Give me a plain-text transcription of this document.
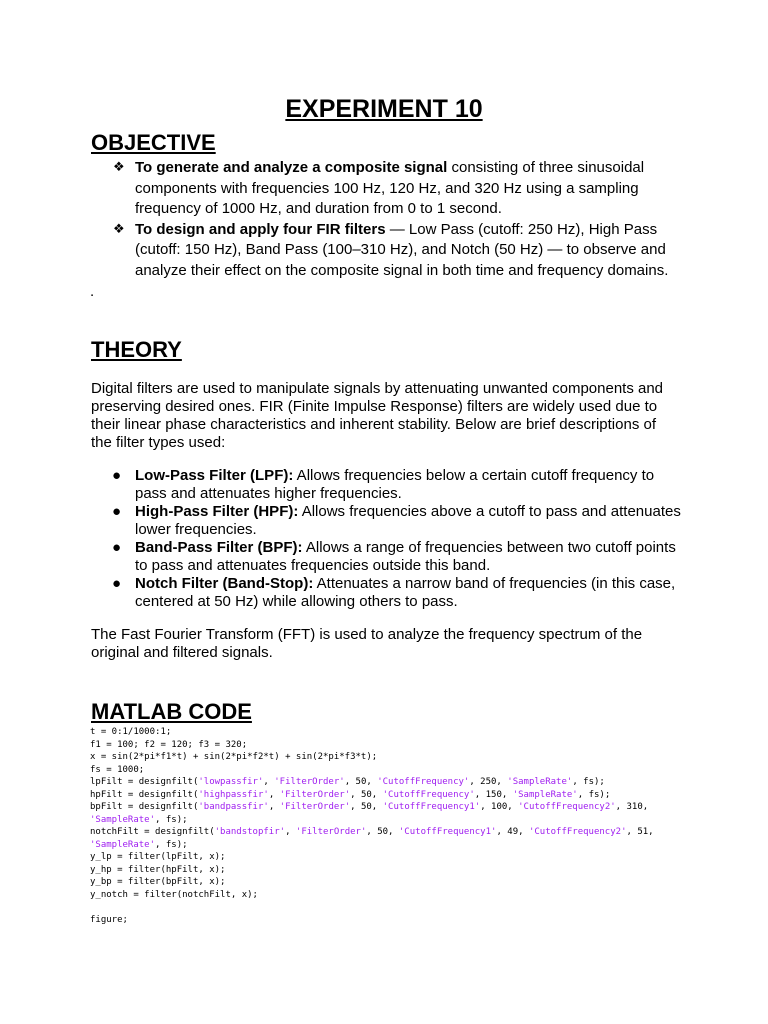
EXPERIMENT 10
OBJECTIVE
❖ To generate and analyze a composite signal consisting of three sinusoidal components with frequencies 100 Hz, 120 Hz, and 320 Hz using a sampling frequency of 1000 Hz, and duration from 0 to 1 second.
❖ To design and apply four FIR filters — Low Pass (cutoff: 250 Hz), High Pass (cutoff: 150 Hz), Band Pass (100–310 Hz), and Notch (50 Hz) — to observe and analyze their effect on the composite signal in both time and frequency domains.
.
THEORY

Digital filters are used to manipulate signals by attenuating unwanted components and preserving desired ones. FIR (Finite Impulse Response) filters are widely used due to their linear phase characteristics and inherent stability. Below are brief descriptions of the filter types used:

● Low-Pass Filter (LPF): Allows frequencies below a certain cutoff frequency to pass and attenuates higher frequencies.
● High-Pass Filter (HPF): Allows frequencies above a cutoff to pass and attenuates lower frequencies.
● Band-Pass Filter (BPF): Allows a range of frequencies between two cutoff points to pass and attenuates frequencies outside this band.
● Notch Filter (Band-Stop): Attenuates a narrow band of frequencies (in this case, centered at 50 Hz) while allowing others to pass.

The Fast Fourier Transform (FFT) is used to analyze the frequency spectrum of the original and filtered signals.

MATLAB CODE
t = 0:1/1000:1;
f1 = 100; f2 = 120; f3 = 320;
x = sin(2*pi*f1*t) + sin(2*pi*f2*t) + sin(2*pi*f3*t);
fs = 1000;
lpFilt = designfilt('lowpassfir', 'FilterOrder', 50, 'CutoffFrequency', 250, 'SampleRate', fs);
hpFilt = designfilt('highpassfir', 'FilterOrder', 50, 'CutoffFrequency', 150, 'SampleRate', fs);
bpFilt = designfilt('bandpassfir', 'FilterOrder', 50, 'CutoffFrequency1', 100, 'CutoffFrequency2', 310,
'SampleRate', fs);
notchFilt = designfilt('bandstopfir', 'FilterOrder', 50, 'CutoffFrequency1', 49, 'CutoffFrequency2', 51,
'SampleRate', fs);
y_lp = filter(lpFilt, x);
y_hp = filter(hpFilt, x);
y_bp = filter(bpFilt, x);
y_notch = filter(notchFilt, x);

figure;
